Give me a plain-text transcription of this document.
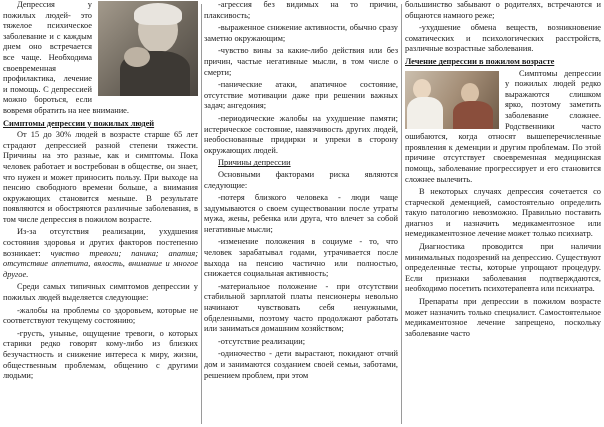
Депрессия у пожилых людей- это тяжелое психическое заболевание и с каждым днем оно встречается все чаще. Необходима своевременная профилактика, лечение и помощь. С депрессией можно бороться, если вовремя обратить на нее внимание.

Симптомы депрессии у пожилых людей

От 15 до 30% людей в возрасте старше 65 лет страдают депрессией разной степени тяжести. Причины на это разные, как и симптомы. Пока человек работает и востребован в обществе, он знает, что нужен и может приносить пользу. При выходе на пенсию свободного времени больше, а внимания окружающих становится меньше. В результате появляются и обостряются различные заболевания, в том числе депрессия в пожилом возрасте.

Из-за отсутствия реализации, ухудшения состояния здоровья и других факторов постепенно возникает: чувство тревоги; паника; апатия; отсутствие аппетита, вялость, внимание и многое другое.

Среди самых типичных симптомов депрессии у пожилых людей выделяется следующие:

-жалобы на проблемы со здоровьем, которые не соответствуют текущему состоянию;

-грусть, унынье, ощущение тревоги, о которых старики редко говорят кому-либо из близких безучастность и снижение интереса к миру, жизни, общественным проблемам, общению с другими людьми;

-агрессия без видимых на то причин, плаксивость;

-выраженное снижение активности, обычно сразу заметно окружающим;

-чувство вины за какие-либо действия или без причин, частые негативные мысли, в том числе о смерти;

-панические атаки, апатичное состояние, отсутствие мотивации даже при решении важных задач; ангедония;

-периодические жалобы на ухудшение памяти; истерическое состояние, навязчивость других людей, необоснованные придирки и упреки в сторону окружающих людей.

Причины депрессии

Основными факторами риска являются следующие:

-потеря близкого человека - люди чаще задумываются о своем существовании после утраты мужа, жены, ребенка или друга, что влечет за собой негативные мысли;

-изменение положения в социуме - то, что человек зарабатывал годами, утрачивается после выхода на пенсию частично или полностью, снижается социальная активность;

-материальное положение - при отсутствии стабильной зарплатой платы пенсионеры невольно начинают чувствовать себя ненужными, обделенными, поэтому часто продолжают работать или заниматься домашним хозяйством;

-отсутствие реализации;

-одиночество - дети вырастают, покидают отчий дом и занимаются созданием своей семьи, заботами, решением проблем, при этом

большинство забывают о родителях, встречаются и общаются намного реже;

-ухудшение обмена веществ, возникновение соматических и психологических расстройств, различные возрастные заболевания.

Лечение депрессии в пожилом возрасте

Симптомы депрессии у пожилых людей редко выражаются слишком ярко, поэтому заметить заболевание сложнее. Родственники часто ошибаются, когда относят вышеперечисленные проявления к деменции и другим проблемам. По этой причине отсутствует своевременная медицинская помощь, заболевание прогрессирует и его становится сложнее вылечить.

В некоторых случаях депрессия сочетается со старческой деменцией, самостоятельно определить такую патологию невозможно. Правильно поставить диагноз и назначить медикаментозное или немедикаментозное лечение может только психиатр.

Диагностика проводится при наличии минимальных подозрений на депрессию. Существуют определенные тесты, которые упрощают процедуру. Если признаки заболевания подтверждаются, необходимо посетить психотерапевта или психиатра.

Препараты при депрессии в пожилом возрасте может назначить только специалист. Самостоятельное медикаментозное лечение запрещено, поскольку заболевание часто
